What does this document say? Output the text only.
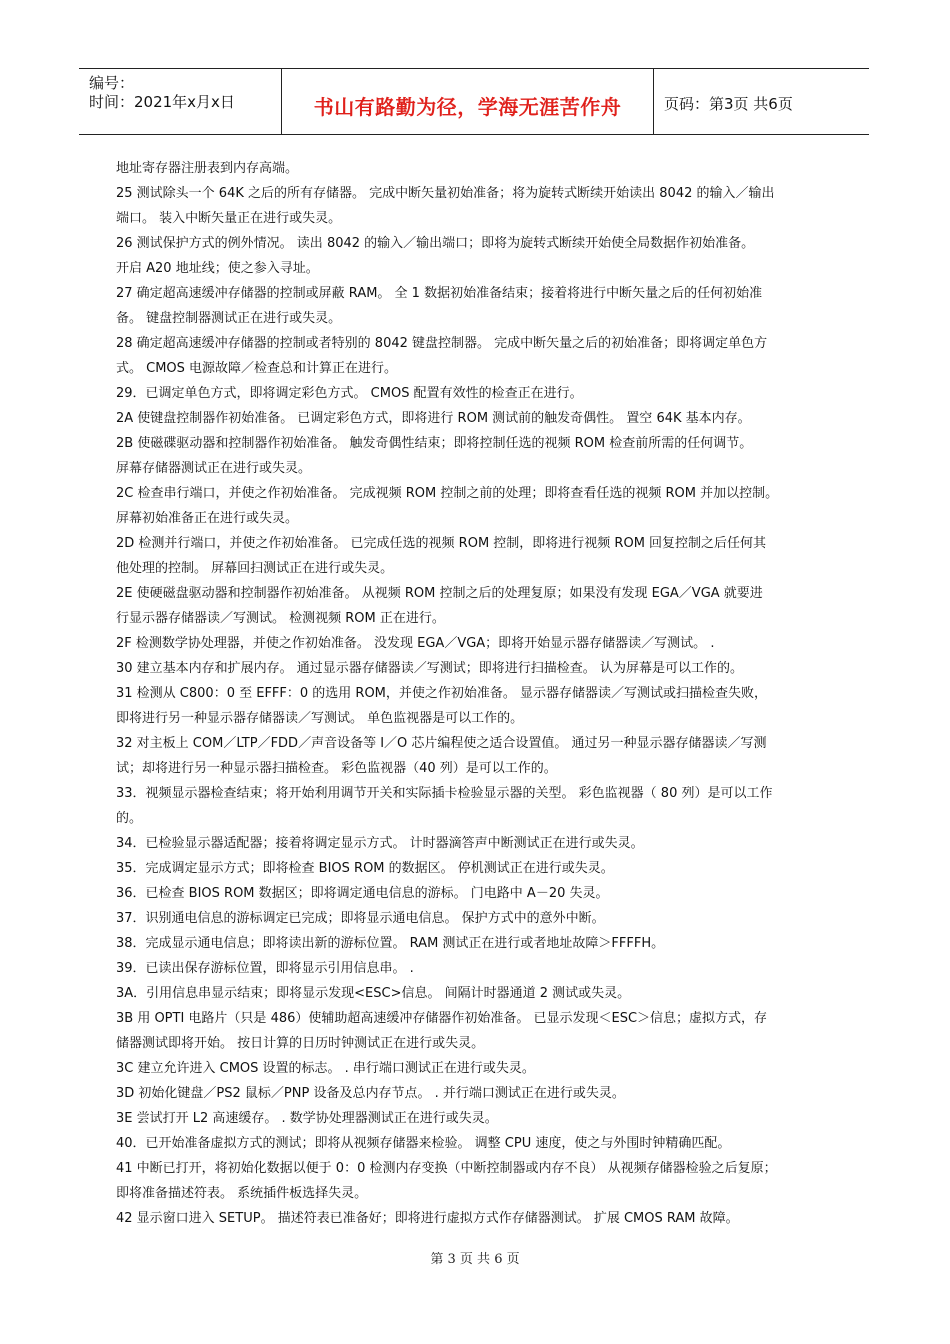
编号：
时间：2021年x月x日	书山有路勤为径，学海无涯苦作舟	页码：第3页 共6页
地址寄存器注册表到内存高端。
25 测试除头一个 64K 之后的所有存储器。 完成中断矢量初始准备；将为旋转式断续开始读出 8042 的输入／输出
端口。 装入中断矢量正在进行或失灵。
26 测试保护方式的例外情况。 读出 8042 的输入／输出端口；即将为旋转式断续开始使全局数据作初始准备。
开启 A20 地址线；使之参入寻址。
27 确定超高速缓冲存储器的控制或屏蔽 RAM。 全 1 数据初始准备结束；接着将进行中断矢量之后的任何初始准
备。 键盘控制器测试正在进行或失灵。
28 确定超高速缓冲存储器的控制或者特别的 8042 键盘控制器。 完成中断矢量之后的初始准备；即将调定单色方
式。 CMOS 电源故障／检查总和计算正在进行。
29．已调定单色方式，即将调定彩色方式。 CMOS 配置有效性的检查正在进行。
2A 使键盘控制器作初始准备。 已调定彩色方式，即将进行 ROM 测试前的触发奇偶性。 置空 64K 基本内存。
2B 使磁碟驱动器和控制器作初始准备。 触发奇偶性结束；即将控制任选的视频 ROM 检查前所需的任何调节。
屏幕存储器测试正在进行或失灵。
2C 检查串行端口，并使之作初始准备。 完成视频 ROM 控制之前的处理；即将查看任选的视频 ROM 并加以控制。
屏幕初始准备正在进行或失灵。
2D 检测并行端口，并使之作初始准备。 已完成任选的视频 ROM 控制，即将进行视频 ROM 回复控制之后任何其
他处理的控制。 屏幕回扫测试正在进行或失灵。
2E 使硬磁盘驱动器和控制器作初始准备。 从视频 ROM 控制之后的处理复原；如果没有发现 EGA／VGA 就要进
行显示器存储器读／写测试。 检测视频 ROM 正在进行。
2F 检测数学协处理器，并使之作初始准备。 没发现 EGA／VGA；即将开始显示器存储器读／写测试。 .
30 建立基本内存和扩展内存。 通过显示器存储器读／写测试；即将进行扫描检查。 认为屏幕是可以工作的。
31 检测从 C800：0 至 EFFF：0 的选用 ROM，并使之作初始准备。 显示器存储器读／写测试或扫描检查失败，
即将进行另一种显示器存储器读／写测试。 单色监视器是可以工作的。
32 对主板上 COM／LTP／FDD／声音设备等 I／O 芯片编程使之适合设置值。 通过另一种显示器存储器读／写测
试；却将进行另一种显示器扫描检查。 彩色监视器（40 列）是可以工作的。
33．视频显示器检查结束；将开始利用调节开关和实际插卡检验显示器的关型。 彩色监视器（ 80 列）是可以工作
的。
34．已检验显示器适配器；接着将调定显示方式。 计时器滴答声中断测试正在进行或失灵。
35．完成调定显示方式；即将检查 BIOS ROM 的数据区。 停机测试正在进行或失灵。
36．已检查 BIOS ROM 数据区；即将调定通电信息的游标。 门电路中 A－20 失灵。
37．识别通电信息的游标调定已完成；即将显示通电信息。 保护方式中的意外中断。
38．完成显示通电信息；即将读出新的游标位置。 RAM 测试正在进行或者地址故障＞FFFFH。
39．已读出保存游标位置，即将显示引用信息串。 .
3A．引用信息串显示结束；即将显示发现<ESC>信息。 间隔计时器通道 2 测试或失灵。
3B 用 OPTI 电路片（只是 486）使辅助超高速缓冲存储器作初始准备。 已显示发现＜ESC＞信息；虚拟方式，存
储器测试即将开始。 按日计算的日历时钟测试正在进行或失灵。
3C 建立允许进入 CMOS 设置的标志。 . 串行端口测试正在进行或失灵。
3D 初始化键盘／PS2 鼠标／PNP 设备及总内存节点。 . 并行端口测试正在进行或失灵。
3E 尝试打开 L2 高速缓存。 . 数学协处理器测试正在进行或失灵。
40．已开始准备虚拟方式的测试；即将从视频存储器来检验。 调整 CPU 速度，使之与外围时钟精确匹配。
41 中断已打开，将初始化数据以便于 0：0 检测内存变换（中断控制器或内存不良） 从视频存储器检验之后复原；
即将准备描述符表。 系统插件板选择失灵。
42 显示窗口进入 SETUP。 描述符表已准备好；即将进行虚拟方式作存储器测试。 扩展 CMOS RAM 故障。
第 3 页 共 6 页
